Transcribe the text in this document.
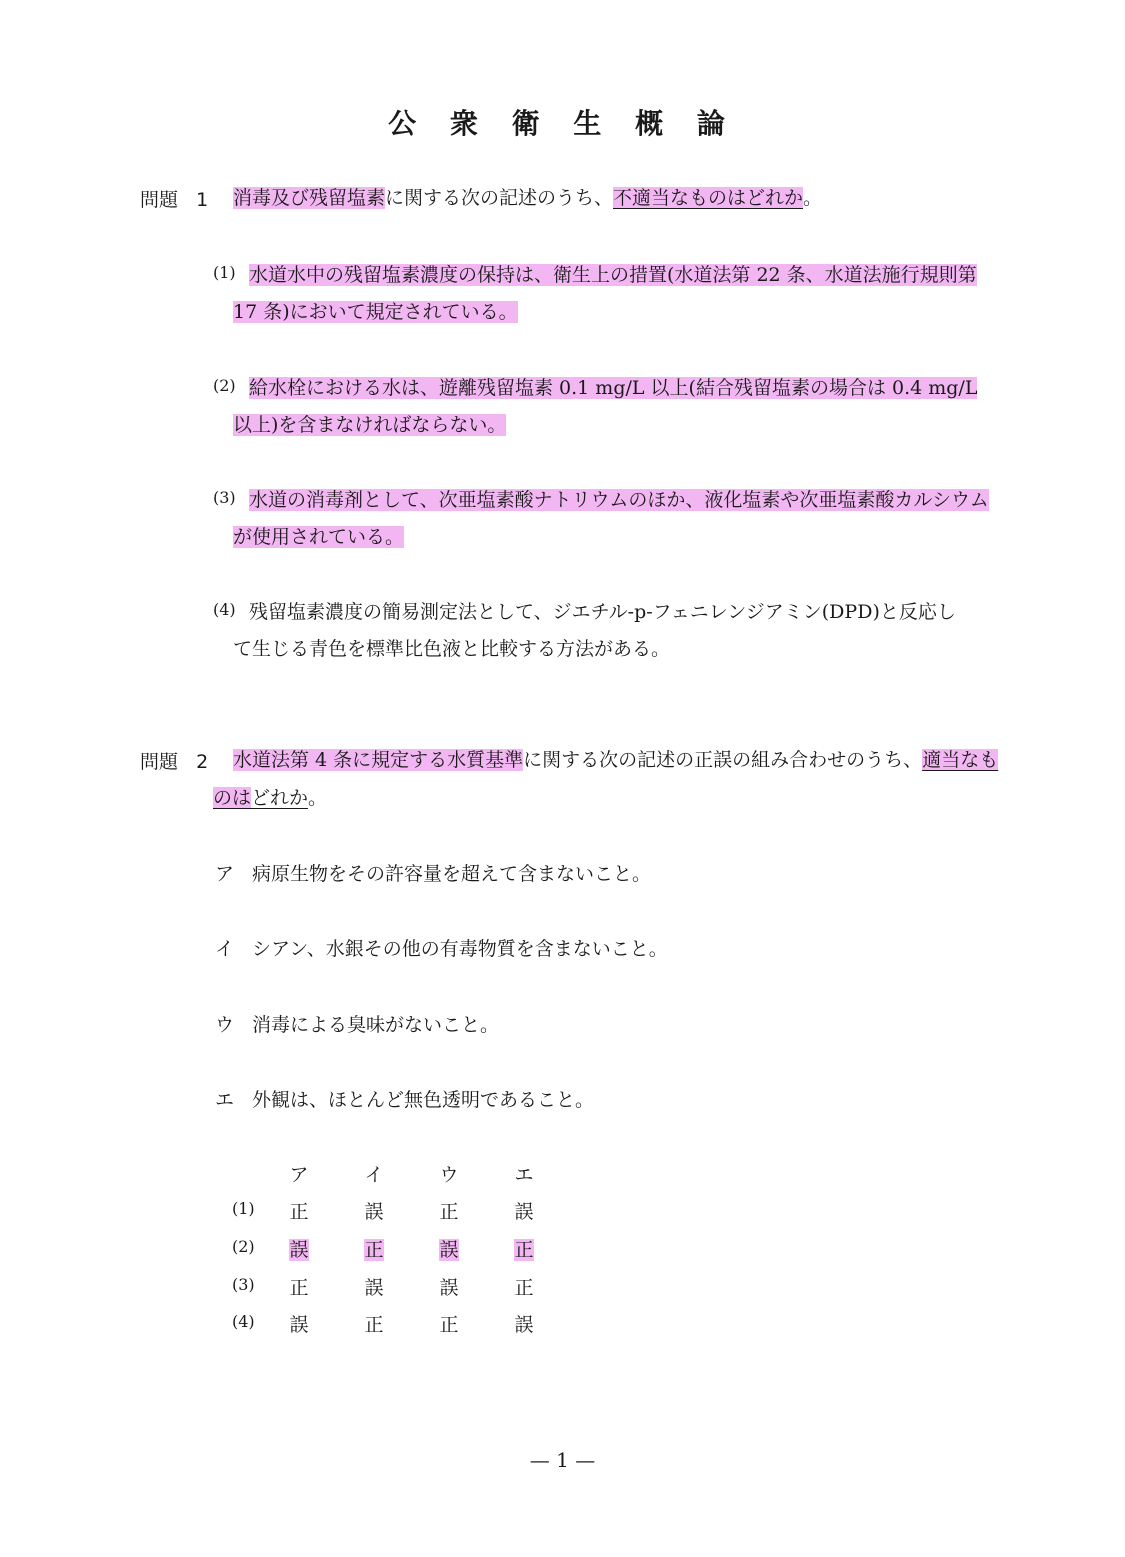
公 衆 衛 生 概 論
問題 1 消毒及び残留塩素に関する次の記述のうち、不適当なものはどれか。
(1) 水道水中の残留塩素濃度の保持は、衛生上の措置(水道法第 22 条、水道法施行規則第
17 条)において規定されている。
(2) 給水栓における水は、遊離残留塩素 0.1 mg/L 以上(結合残留塩素の場合は 0.4 mg/L
以上)を含まなければならない。
(3) 水道の消毒剤として、次亜塩素酸ナトリウムのほか、液化塩素や次亜塩素酸カルシウム
が使用されている。
(4) 残留塩素濃度の簡易測定法として、ジエチル-p-フェニレンジアミン(DPD)と反応し
て生じる青色を標準比色液と比較する方法がある。
問題 2 水道法第 4 条に規定する水質基準に関する次の記述の正誤の組み合わせのうち、適当なも
のはどれか。
ア 病原生物をその許容量を超えて含まないこと。
イ シアン、水銀その他の有毒物質を含まないこと。
ウ 消毒による臭味がないこと。
エ 外観は、ほとんど無色透明であること。
ア	イ	ウ	エ
(1)	正	誤	正	誤
(2)	誤	正	誤	正
(3)	正	誤	誤	正
(4)	誤	正	正	誤
— 1 —
